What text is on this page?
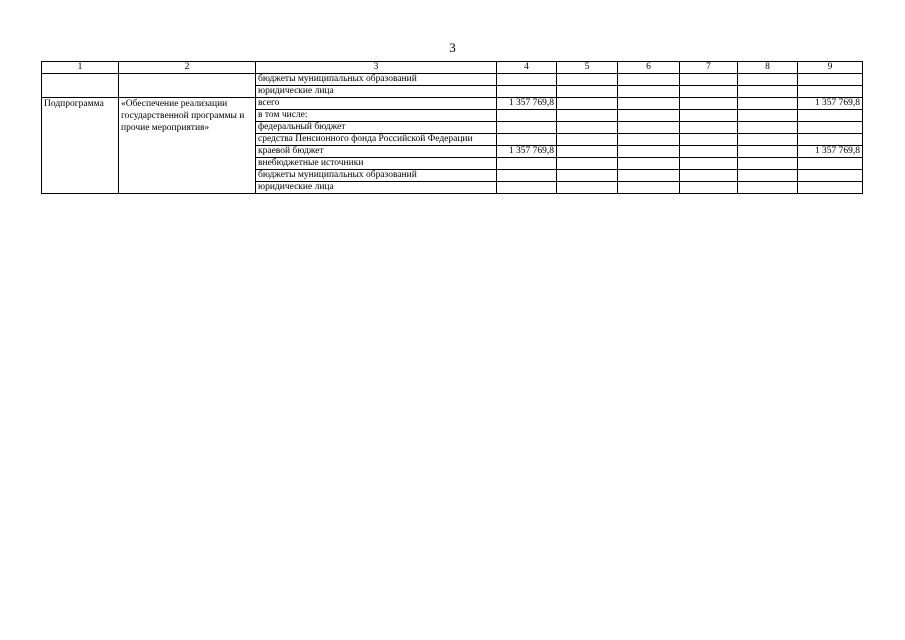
3
1	2	3	4	5	6	7	8	9
		бюджеты муниципальных образований						
		юридические лица						
Подпрограмма	«Обеспечение реализации государственной программы и прочие мероприятия»	всего	1 357 769,8					1 357 769,8
		в том числе:						
		федеральный бюджет						
		средства Пенсионного фонда Российской Федерации						
		краевой бюджет	1 357 769,8					1 357 769,8
		внебюджетные источники						
		бюджеты муниципальных образований						
		юридические лица						
